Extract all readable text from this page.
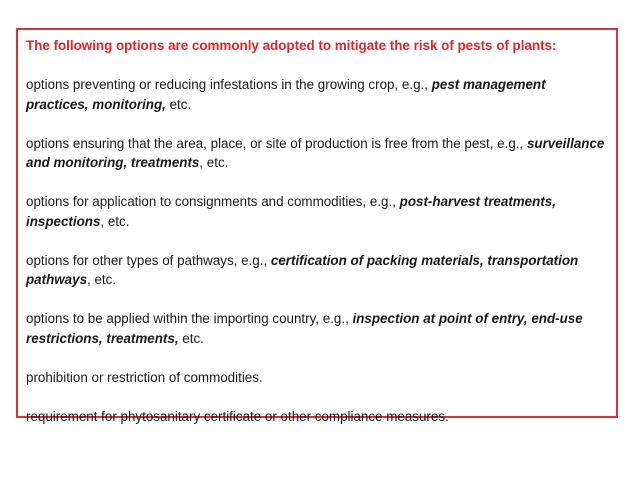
The following options are commonly adopted to mitigate the risk of pests of plants:
options preventing or reducing infestations in the growing crop, e.g., pest management practices, monitoring, etc.
options ensuring that the area, place, or site of production is free from the pest, e.g., surveillance and monitoring, treatments, etc.
options for application to consignments and commodities, e.g., post-harvest treatments, inspections, etc.
options for other types of pathways, e.g., certification of packing materials, transportation pathways, etc.
options to be applied within the importing country, e.g., inspection at point of entry, end-use restrictions, treatments, etc.
prohibition or restriction of commodities.
requirement for phytosanitary certificate or other compliance measures.
